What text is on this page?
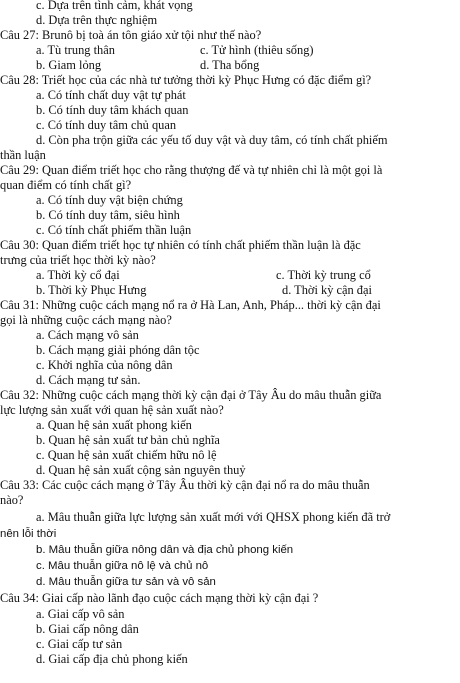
c. Dựa trên tình cảm, khát vọng
d. Dựa trên thực nghiệm
Câu 27: Brunô bị toà án tôn giáo xử tội như thế nào?
a. Tù trung thân	c. Tử hình (thiêu sống)
b. Giam lỏng	d. Tha bổng
Câu 28: Triết học của các nhà tư tưởng thời kỳ Phục Hưng có đặc điểm gì?
a. Có tính chất duy vật tự phát
b. Có tính duy tâm khách quan
c. Có tính duy tâm chủ quan
d. Còn pha trộn giữa các yếu tố duy vật và duy tâm, có tính chất phiếm
thần luận
Câu 29: Quan điểm triết học cho rằng thượng đế và tự nhiên chỉ là một gọi là
quan điểm có tính chất gì?
a. Có tính duy vật biện chứng
b. Có tính duy tâm, siêu hình
c. Có tính chất phiếm thần luận
Câu 30: Quan điểm triết học tự nhiên có tính chất phiếm thần luận là đặc
trưng của triết học thời kỳ nào?
a. Thời kỳ cổ đại	c. Thời kỳ trung cổ
b. Thời kỳ Phục Hưng	d. Thời kỳ cận đại
Câu 31: Những cuộc cách mạng nổ ra ở Hà Lan, Anh, Pháp... thời kỳ cận đại
gọi là những cuộc cách mạng nào?
a. Cách mạng vô sản
b. Cách mạng giải phóng dân tộc
c. Khởi nghĩa của nông dân
d. Cách mạng tư sản.
Câu 32: Những cuộc cách mạng thời kỳ cận đại ở Tây Âu do mâu thuẫn giữa
lực lượng sản xuất với quan hệ sản xuất nào?
a. Quan hệ sản xuất phong kiến
b. Quan hệ sản xuất tư bản chủ nghĩa
c. Quan hệ sản xuất chiếm hữu nô lệ
d. Quan hệ sản xuất cộng sản nguyên thuỷ
Câu 33: Các cuộc cách mạng ở Tây Âu thời kỳ cận đại nổ ra do mâu thuẫn
nào?
a. Mâu thuẫn giữa lực lượng sản xuất mới với QHSX phong kiến đã trở
nên lỗi thời
b. Mâu thuẫn giữa nông dân và địa chủ phong kiến
c. Mâu thuẫn giữa nô lệ và chủ nô
d. Mâu thuẫn giữa tư sản và vô sản
Câu 34: Giai cấp nào lãnh đạo cuộc cách mạng thời kỳ cận đại ?
a. Giai cấp vô sản
b. Giai cấp nông dân
c. Giai cấp tư sản
d. Giai cấp địa chủ phong kiến
